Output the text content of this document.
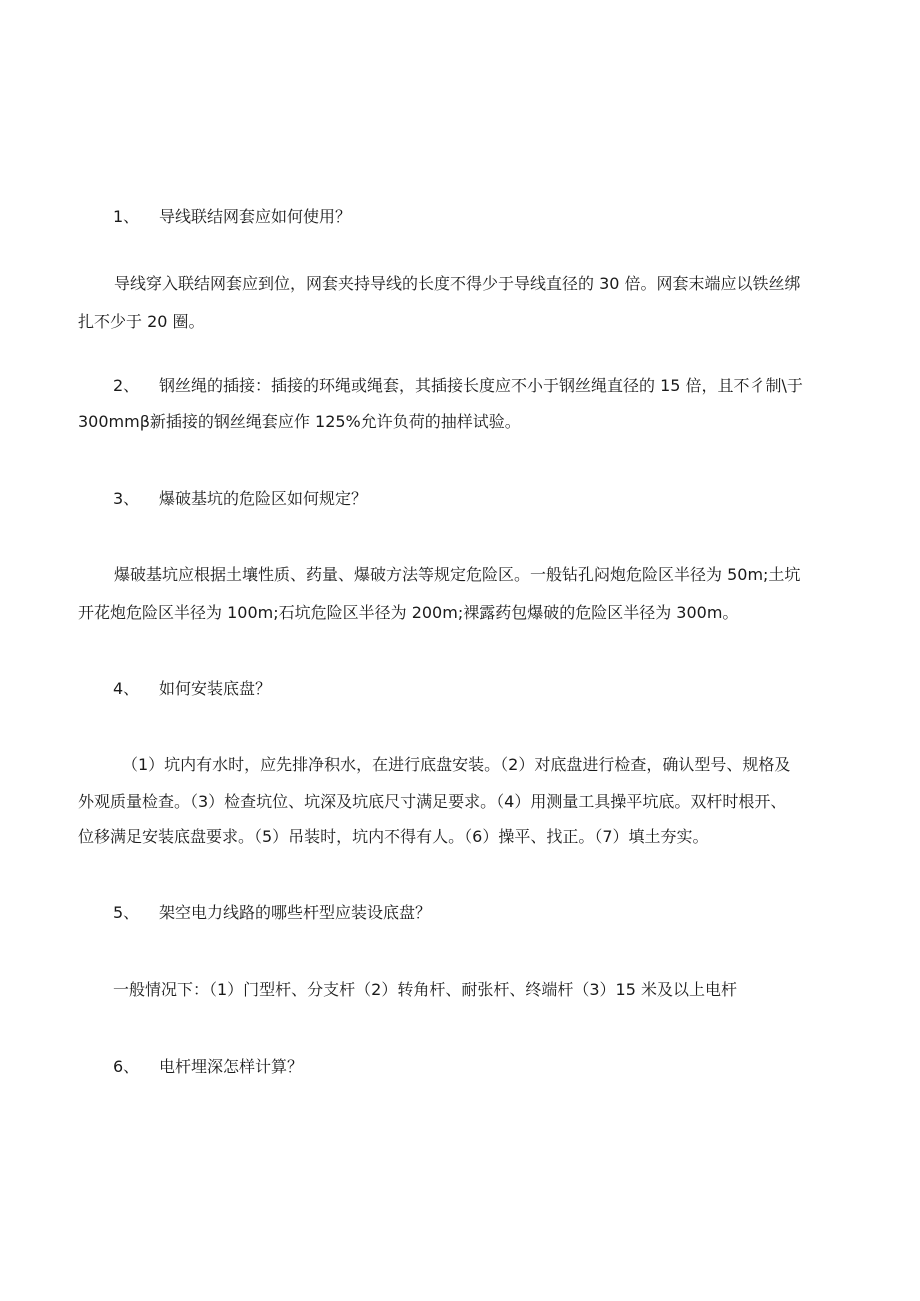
1、 导线联结网套应如何使用？
导线穿入联结网套应到位，网套夹持导线的长度不得少于导线直径的 30 倍。网套末端应以铁丝绑
扎不少于 20 圈。
2、 钢丝绳的插接：插接的环绳或绳套，其插接长度应不小于钢丝绳直径的 15 倍，且不彳制\于
300mmβ新插接的钢丝绳套应作 125%允许负荷的抽样试验。
3、 爆破基坑的危险区如何规定？
爆破基坑应根据土壤性质、药量、爆破方法等规定危险区。一般钻孔闷炮危险区半径为 50m;土坑
开花炮危险区半径为 100m;石坑危险区半径为 200m;裸露药包爆破的危险区半径为 300m。
4、 如何安装底盘？
（1）坑内有水时，应先排净积水，在进行底盘安装。（2）对底盘进行检查，确认型号、规格及
外观质量检查。（3）检查坑位、坑深及坑底尺寸满足要求。（4）用测量工具操平坑底。双杆时根开、
位移满足安装底盘要求。（5）吊装时，坑内不得有人。（6）操平、找正。（7）填土夯实。
5、 架空电力线路的哪些杆型应装设底盘？
一般情况下：（1）门型杆、分支杆（2）转角杆、耐张杆、终端杆（3）15 米及以上电杆
6、 电杆埋深怎样计算？
